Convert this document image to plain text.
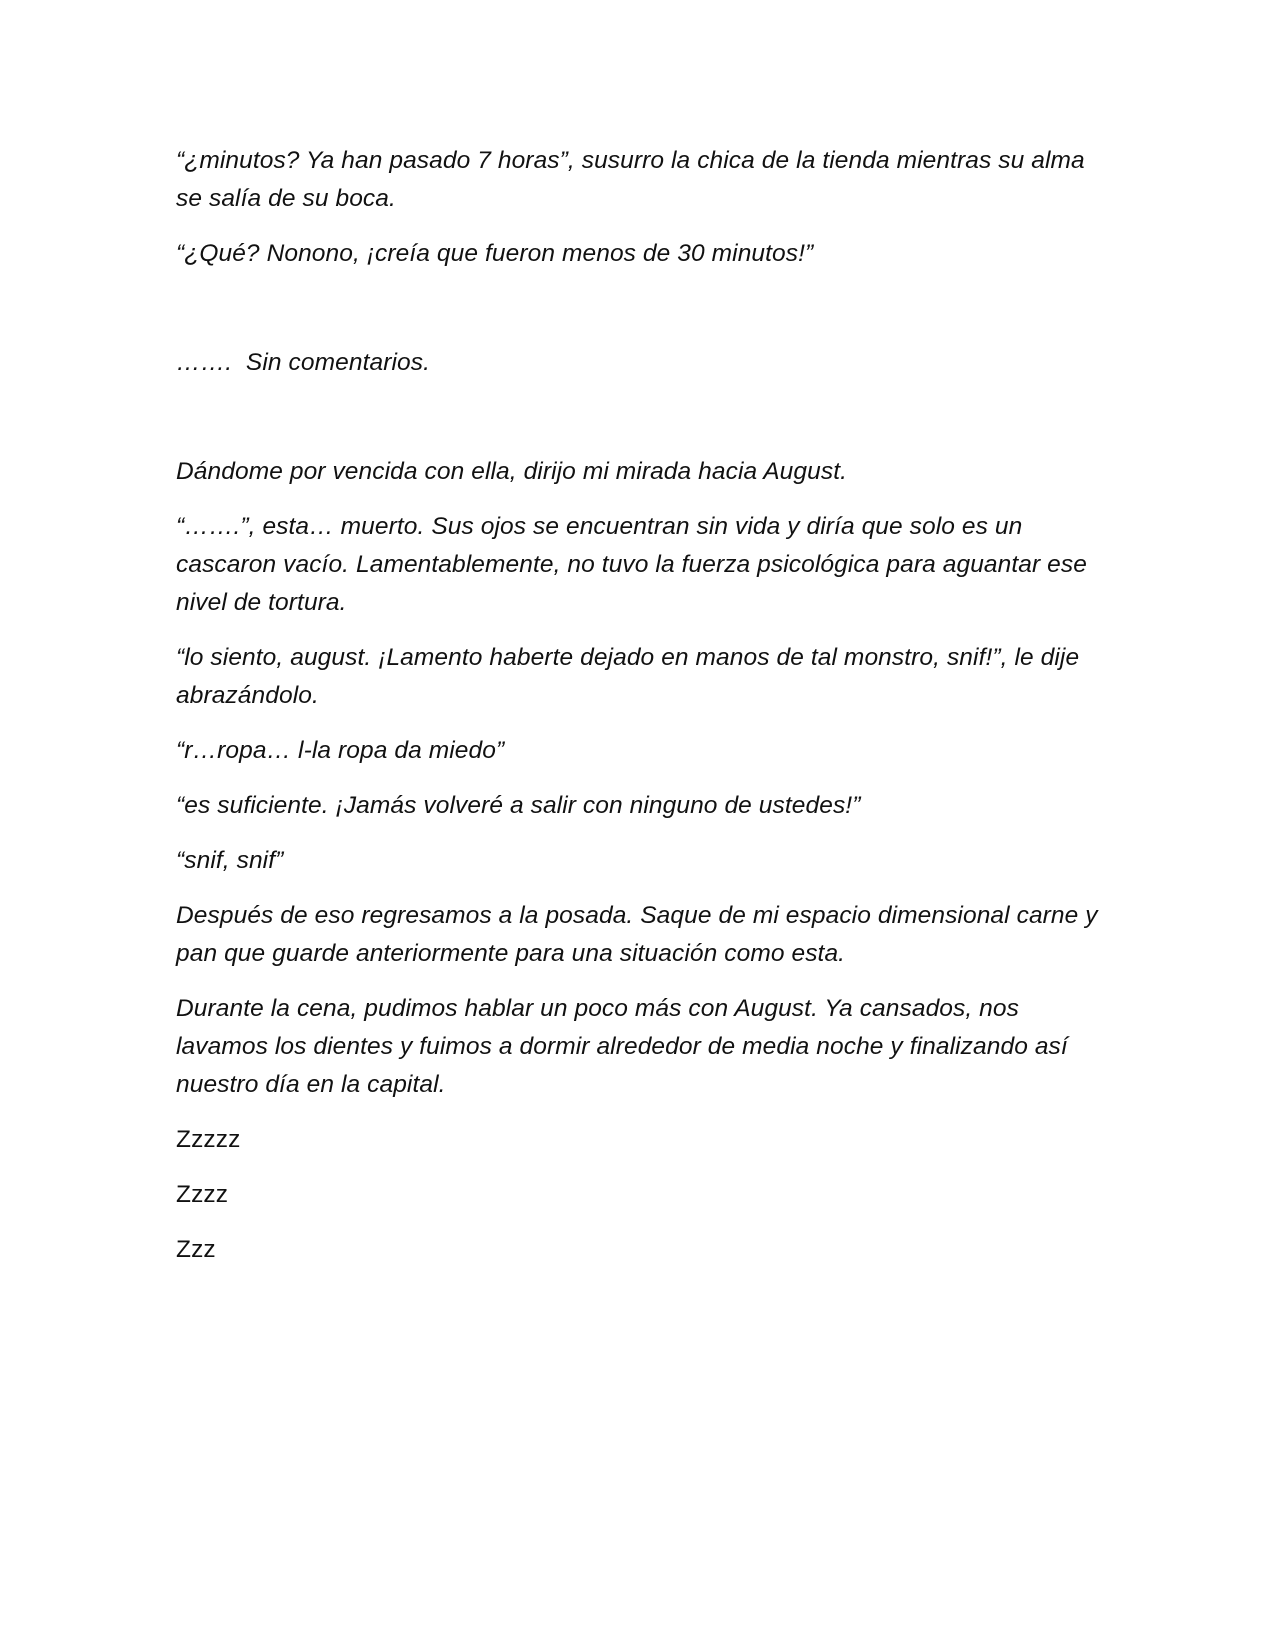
“¿minutos? Ya han pasado 7 horas”, susurro la chica de la tienda mientras su alma se salía de su boca.

“¿Qué? Nonono, ¡creía que fueron menos de 30 minutos!”

…….  Sin comentarios.

Dándome por vencida con ella, dirijo mi mirada hacia August.

“…….”, esta… muerto. Sus ojos se encuentran sin vida y diría que solo es un cascaron vacío. Lamentablemente, no tuvo la fuerza psicológica para aguantar ese nivel de tortura.

“lo siento, august. ¡Lamento haberte dejado en manos de tal monstro, snif!”, le dije abrazándolo.

“r…ropa… l-la ropa da miedo”

“es suficiente. ¡Jamás volveré a salir con ninguno de ustedes!”

“snif, snif”

Después de eso regresamos a la posada. Saque de mi espacio dimensional carne y pan que guarde anteriormente para una situación como esta.

Durante la cena, pudimos hablar un poco más con August. Ya cansados, nos lavamos los dientes y fuimos a dormir alrededor de media noche y finalizando así nuestro día en la capital.

Zzzzz

Zzzz

Zzz
